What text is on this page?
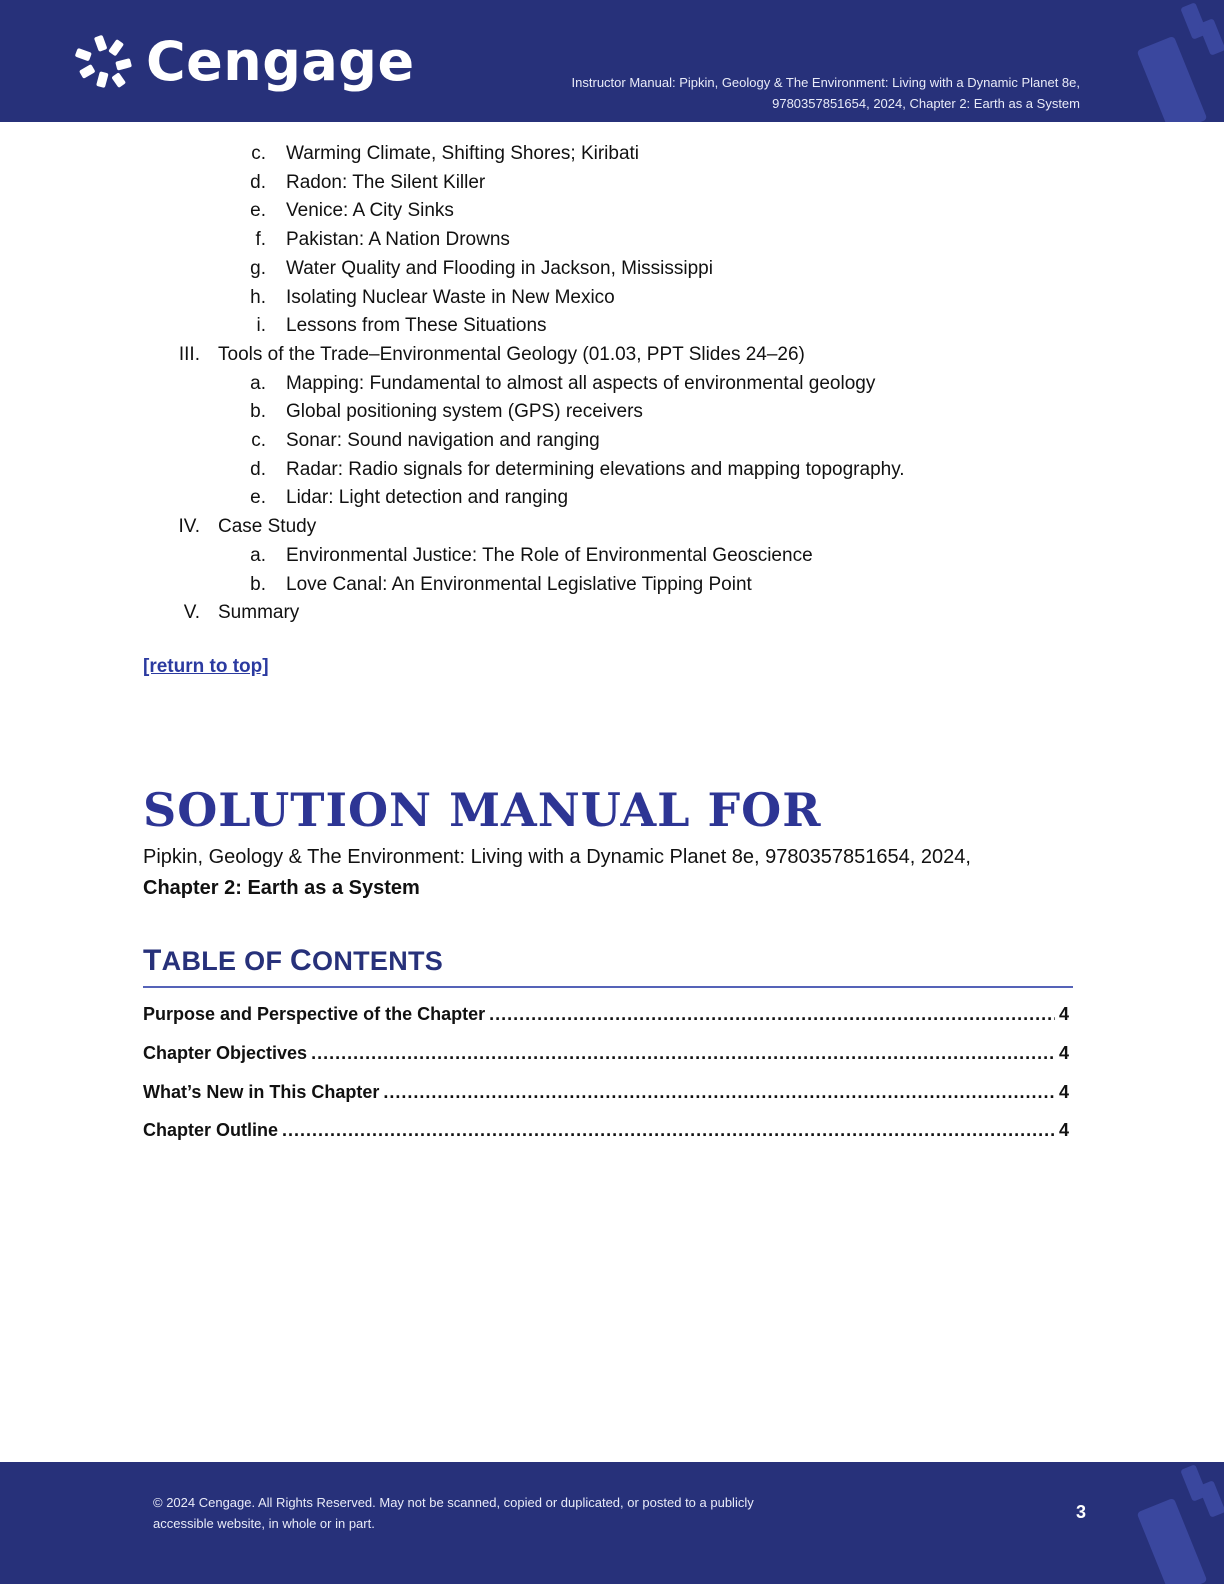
Cengage	Instructor Manual: Pipkin, Geology & The Environment: Living with a Dynamic Planet 8e,
9780357851654, 2024, Chapter 2: Earth as a System
c. Warming Climate, Shifting Shores; Kiribati
d. Radon: The Silent Killer
e. Venice: A City Sinks
f. Pakistan: A Nation Drowns
g. Water Quality and Flooding in Jackson, Mississippi
h. Isolating Nuclear Waste in New Mexico
i. Lessons from These Situations
III. Tools of the Trade–Environmental Geology (01.03, PPT Slides 24–26)
a. Mapping: Fundamental to almost all aspects of environmental geology
b. Global positioning system (GPS) receivers
c. Sonar: Sound navigation and ranging
d. Radar: Radio signals for determining elevations and mapping topography.
e. Lidar: Light detection and ranging
IV. Case Study
a. Environmental Justice: The Role of Environmental Geoscience
b. Love Canal: An Environmental Legislative Tipping Point
V. Summary
[return to top]
SOLUTION MANUAL FOR
Pipkin, Geology & The Environment: Living with a Dynamic Planet 8e, 9780357851654, 2024,
Chapter 2: Earth as a System
TABLE OF CONTENTS
Purpose and Perspective of the Chapter .....	4
Chapter Objectives .....	4
What’s New in This Chapter .....	4
Chapter Outline .....	4
© 2024 Cengage. All Rights Reserved. May not be scanned, copied or duplicated, or posted to a publicly
accessible website, in whole or in part.
3
